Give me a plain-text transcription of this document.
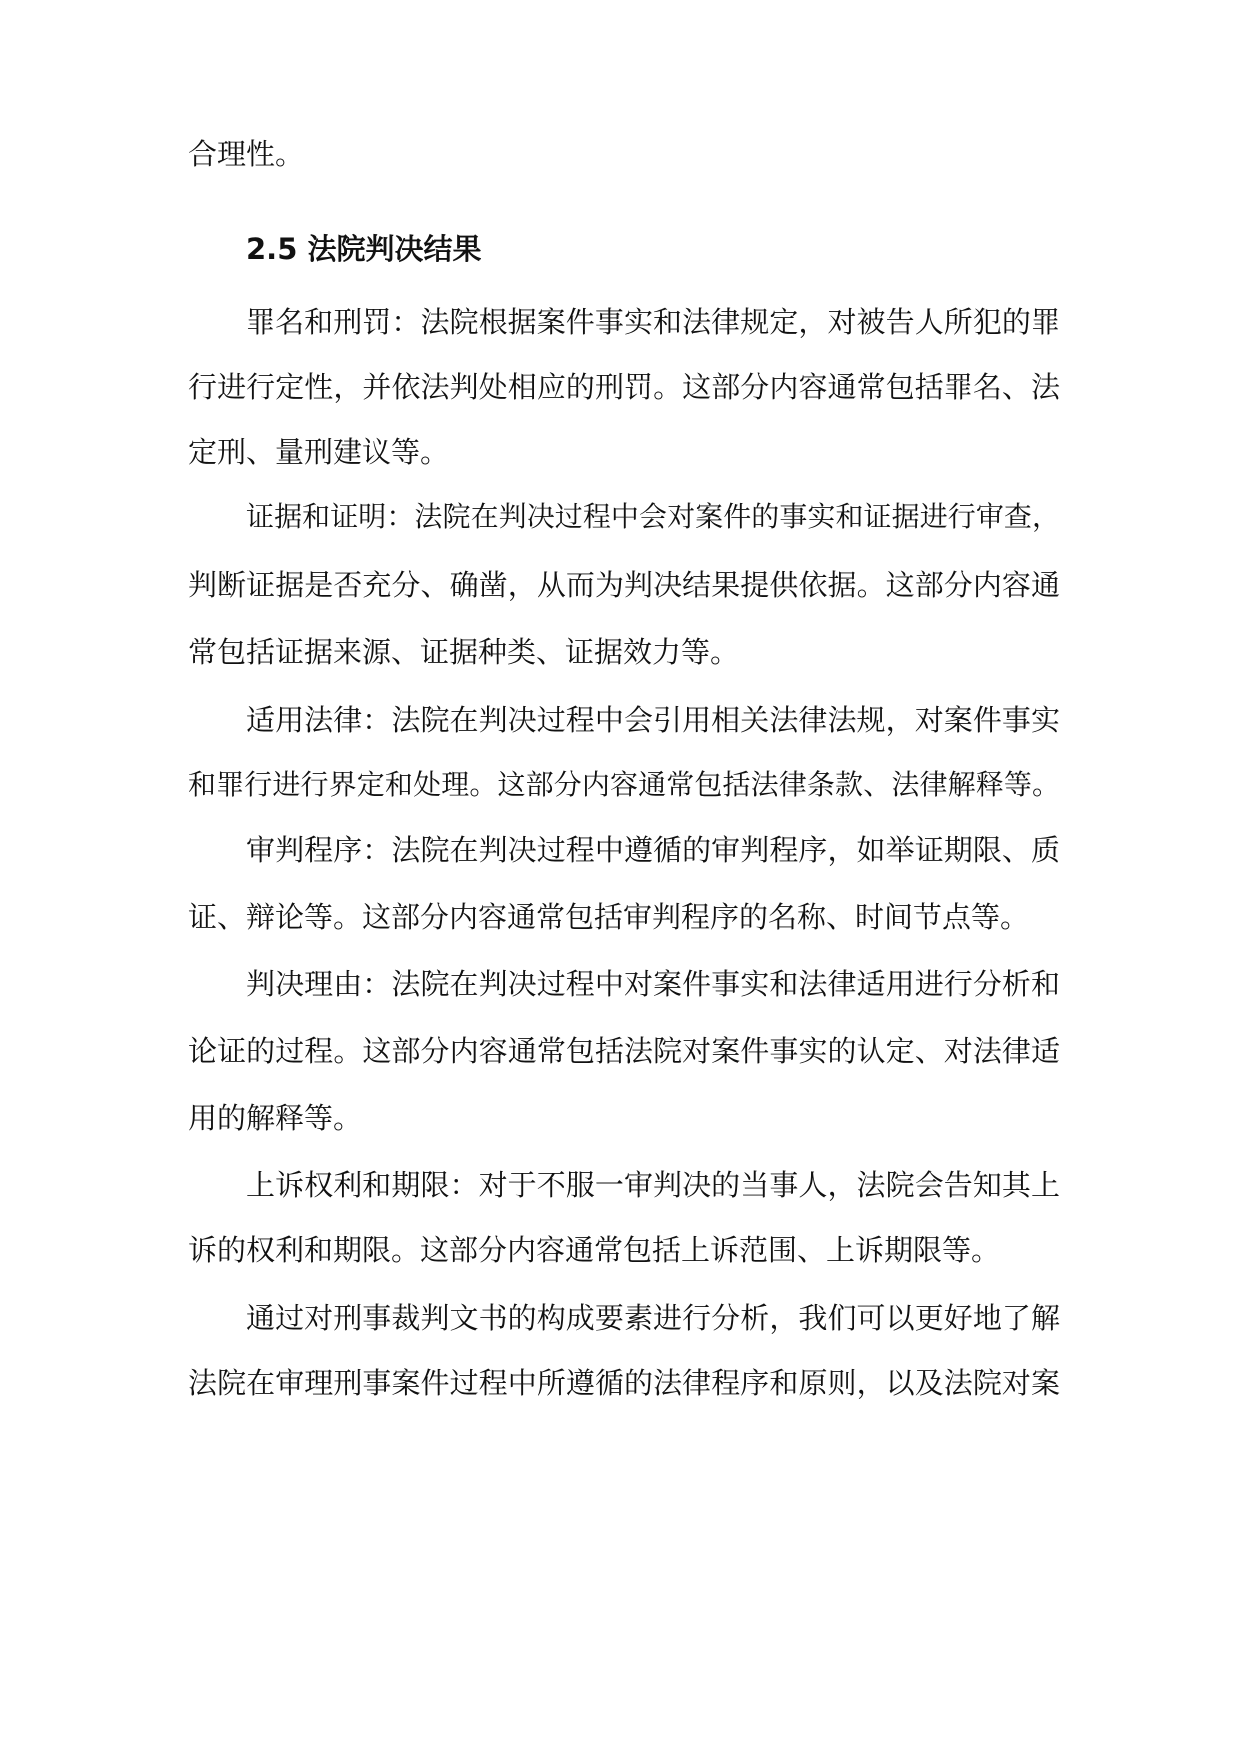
合理性。
2.5 法院判决结果
罪名和刑罚：法院根据案件事实和法律规定，对被告人所犯的罪
行进行定性，并依法判处相应的刑罚。这部分内容通常包括罪名、法
定刑、量刑建议等。
证据和证明：法院在判决过程中会对案件的事实和证据进行审查，
判断证据是否充分、确凿，从而为判决结果提供依据。这部分内容通
常包括证据来源、证据种类、证据效力等。
适用法律：法院在判决过程中会引用相关法律法规，对案件事实
和罪行进行界定和处理。这部分内容通常包括法律条款、法律解释等。
审判程序：法院在判决过程中遵循的审判程序，如举证期限、质
证、辩论等。这部分内容通常包括审判程序的名称、时间节点等。
判决理由：法院在判决过程中对案件事实和法律适用进行分析和
论证的过程。这部分内容通常包括法院对案件事实的认定、对法律适
用的解释等。
上诉权利和期限：对于不服一审判决的当事人，法院会告知其上
诉的权利和期限。这部分内容通常包括上诉范围、上诉期限等。
通过对刑事裁判文书的构成要素进行分析，我们可以更好地了解
法院在审理刑事案件过程中所遵循的法律程序和原则，以及法院对案
